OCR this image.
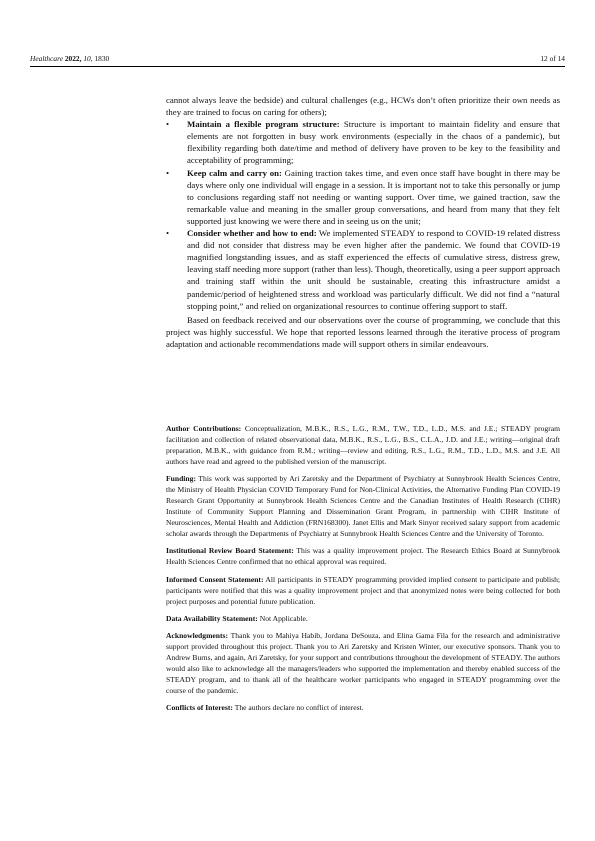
Healthcare 2022, 10, 1830	12 of 14

cannot always leave the bedside) and cultural challenges (e.g., HCWs don’t often prioritize their own needs as they are trained to focus on caring for others);

• Maintain a flexible program structure: Structure is important to maintain fidelity and ensure that elements are not forgotten in busy work environments (especially in the chaos of a pandemic), but flexibility regarding both date/time and method of delivery have proven to be key to the feasibility and acceptability of programming;
• Keep calm and carry on: Gaining traction takes time, and even once staff have bought in there may be days where only one individual will engage in a session. It is important not to take this personally or jump to conclusions regarding staff not needing or wanting support. Over time, we gained traction, saw the remarkable value and meaning in the smaller group conversations, and heard from many that they felt supported just knowing we were there and in seeing us on the unit;
• Consider whether and how to end: We implemented STEADY to respond to COVID-19 related distress and did not consider that distress may be even higher after the pandemic. We found that COVID-19 magnified longstanding issues, and as staff experienced the effects of cumulative stress, distress grew, leaving staff needing more support (rather than less). Though, theoretically, using a peer support approach and training staff within the unit should be sustainable, creating this infrastructure amidst a pandemic/period of heightened stress and workload was particularly difficult. We did not find a “natural stopping point,” and relied on organizational resources to continue offering support to staff.

Based on feedback received and our observations over the course of programming, we conclude that this project was highly successful. We hope that reported lessons learned through the iterative process of program adaptation and actionable recommendations made will support others in similar endeavours.

Author Contributions: Conceptualization, M.B.K., R.S., L.G., R.M., T.W., T.D., L.D., M.S. and J.E.; STEADY program facilitation and collection of related observational data, M.B.K., R.S., L.G., B.S., C.L.A., J.D. and J.E.; writing—original draft preparation, M.B.K., with guidance from R.M.; writing—review and editing, R.S., L.G., R.M., T.D., L.D., M.S. and J.E. All authors have read and agreed to the published version of the manuscript.

Funding: This work was supported by Ari Zaretsky and the Department of Psychiatry at Sunnybrook Health Sciences Centre, the Ministry of Health Physician COVID Temporary Fund for Non-Clinical Activities, the Alternative Funding Plan COVID-19 Research Grant Opportunity at Sunnybrook Health Sciences Centre and the Canadian Institutes of Health Research (CIHR) Institute of Community Support Planning and Dissemination Grant Program, in partnership with CIHR Institute of Neurosciences, Mental Health and Addiction (FRN168300). Janet Ellis and Mark Sinyor received salary support from academic scholar awards through the Departments of Psychiatry at Sunnybrook Health Sciences Centre and the University of Toronto.

Institutional Review Board Statement: This was a quality improvement project. The Research Ethics Board at Sunnybrook Health Sciences Centre confirmed that no ethical approval was required.

Informed Consent Statement: All participants in STEADY programming provided implied consent to participate and publish; participants were notified that this was a quality improvement project and that anonymized notes were being collected for both project purposes and potential future publication.

Data Availability Statement: Not Applicable.

Acknowledgments: Thank you to Mahiya Habib, Jordana DeSouza, and Elina Gama Fila for the research and administrative support provided throughout this project. Thank you to Ari Zaretsky and Kristen Winter, our executive sponsors. Thank you to Andrew Burns, and again, Ari Zaretsky, for your support and contributions throughout the development of STEADY. The authors would also like to acknowledge all the managers/leaders who supported the implementation and thereby enabled success of the STEADY program, and to thank all of the healthcare worker participants who engaged in STEADY programming over the course of the pandemic.

Conflicts of Interest: The authors declare no conflict of interest.
